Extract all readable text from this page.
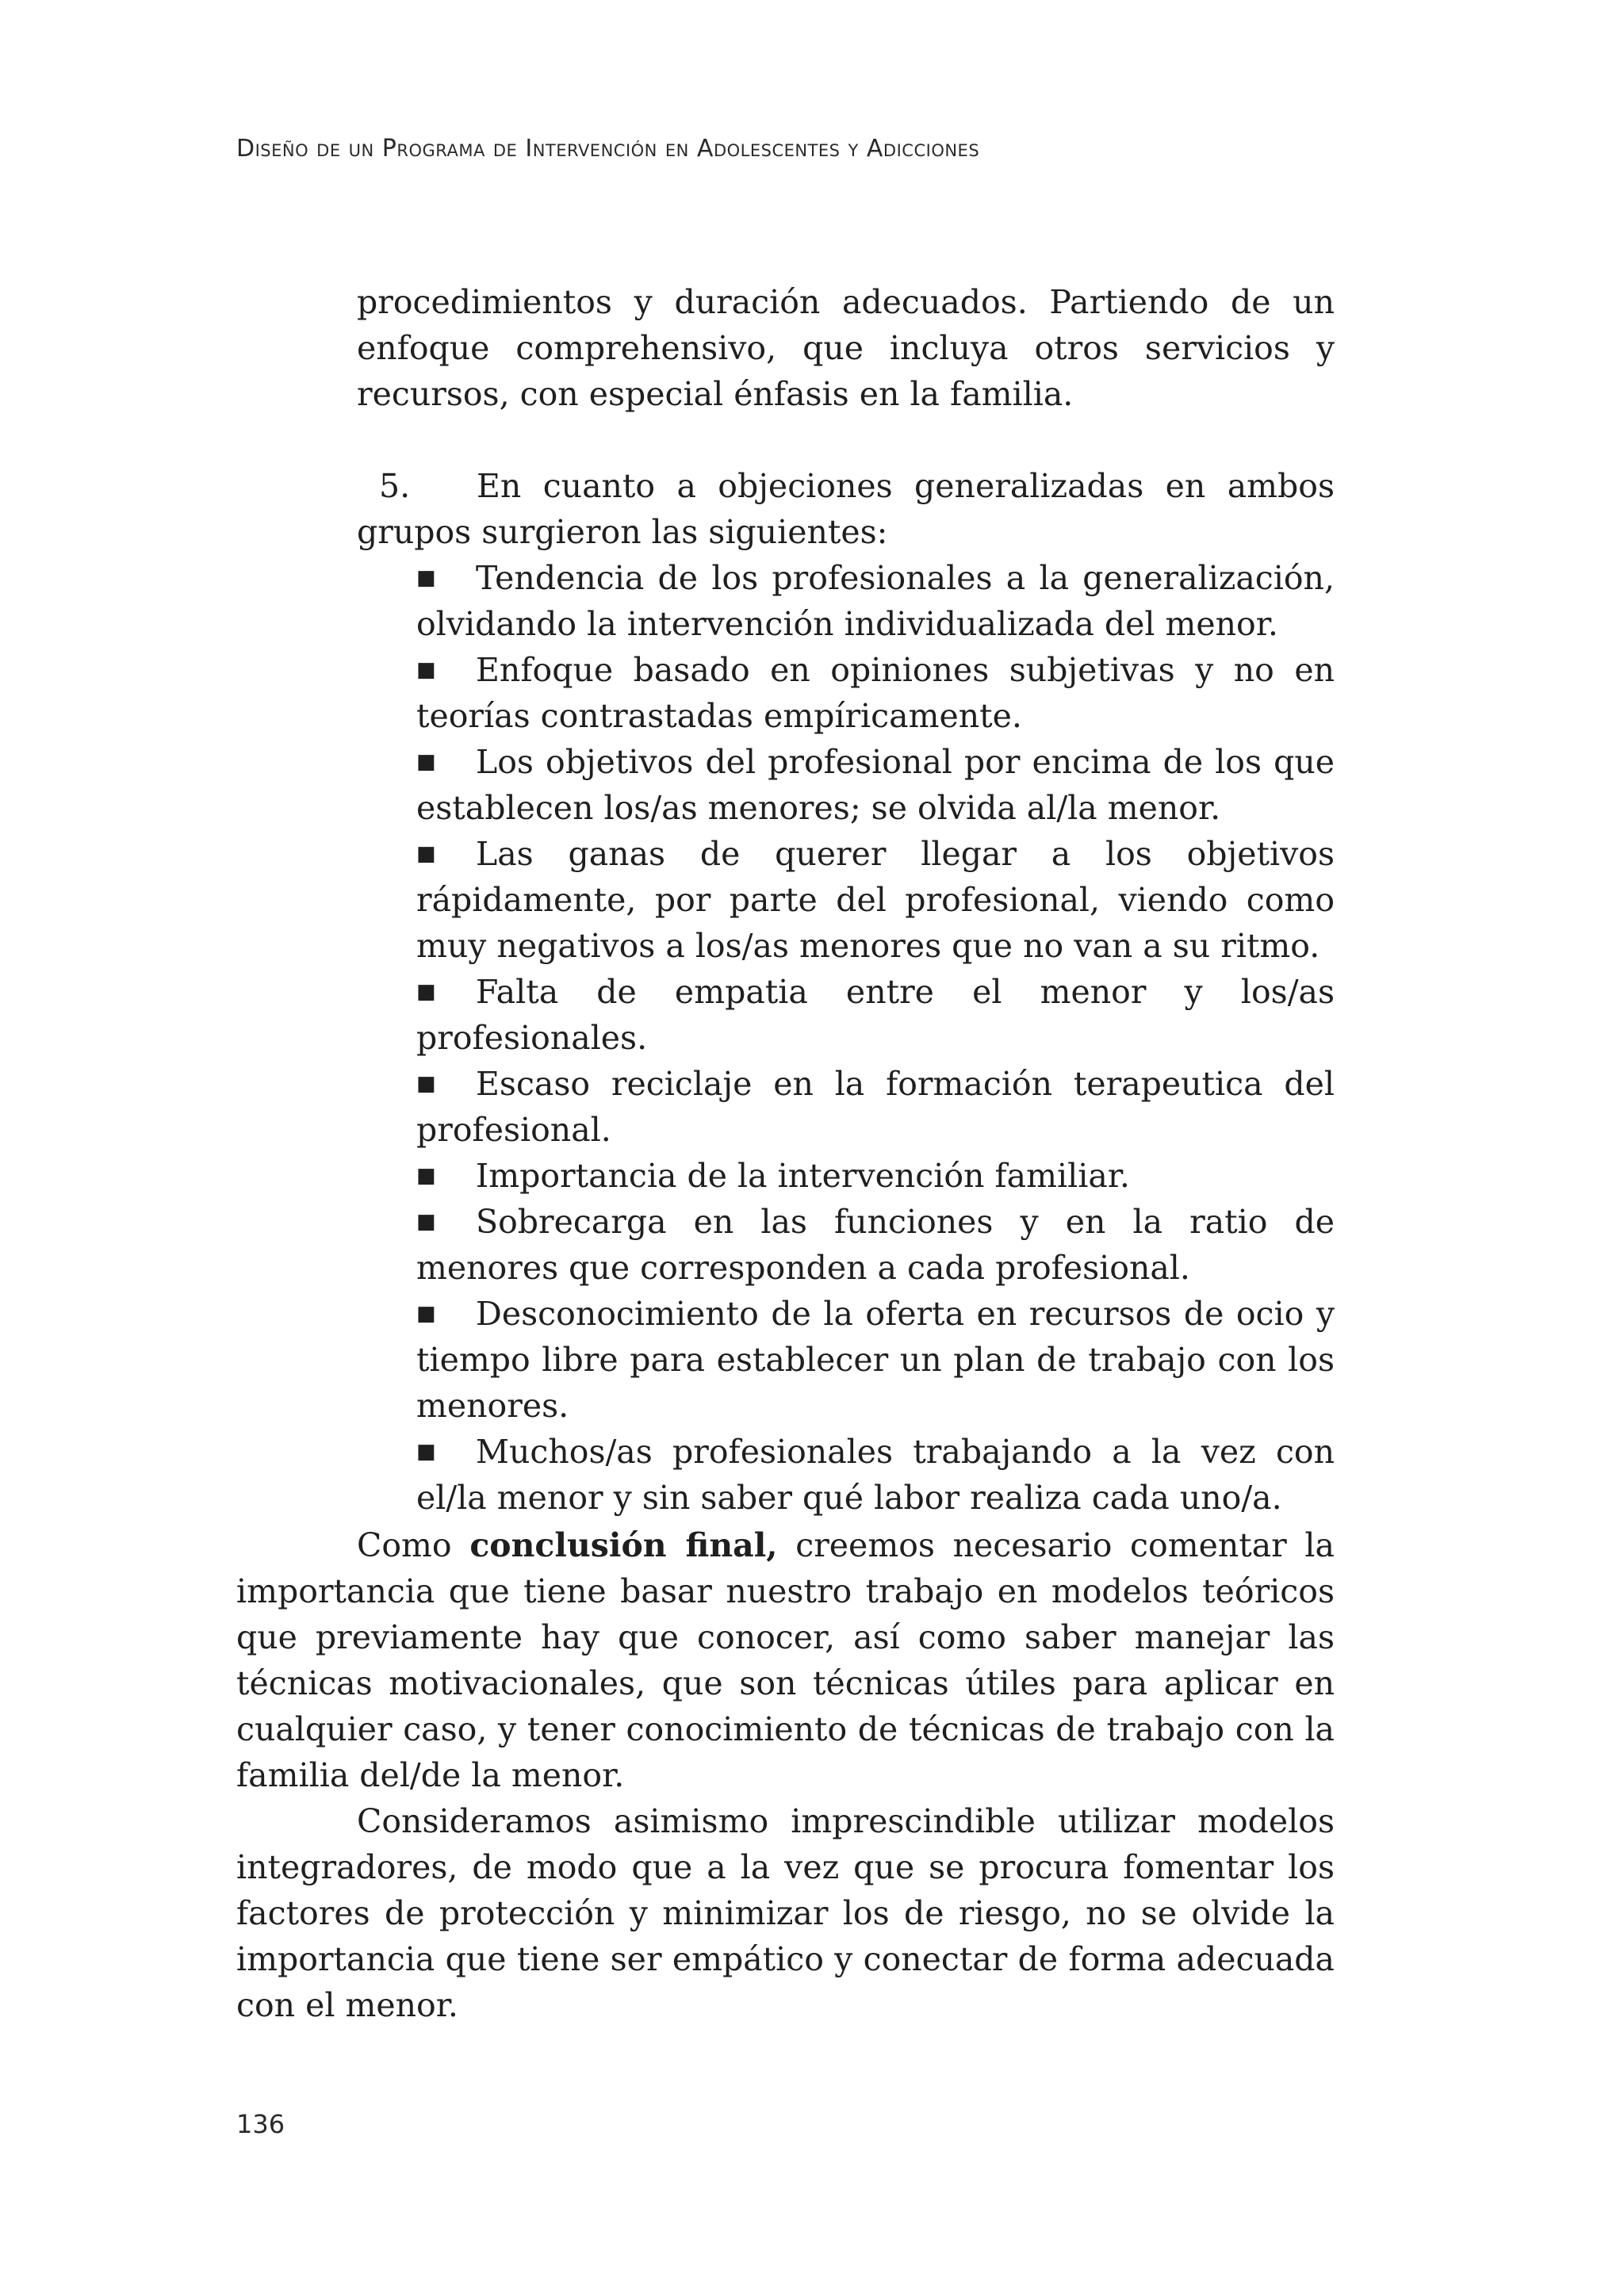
Diseño de un Programa de Intervención en Adolescentes y Adicciones

procedimientos y duración adecuados. Partiendo de un enfoque comprehensivo, que incluya otros servicios y recursos, con especial énfasis en la familia.

5. En cuanto a objeciones generalizadas en ambos grupos surgieron las siguientes:

■ Tendencia de los profesionales a la generalización, olvidando la intervención individualizada del menor.
■ Enfoque basado en opiniones subjetivas y no en teorías contrastadas empíricamente.
■ Los objetivos del profesional por encima de los que establecen los/as menores; se olvida al/la menor.
■ Las ganas de querer llegar a los objetivos rápidamente, por parte del profesional, viendo como muy negativos a los/as menores que no van a su ritmo.
■ Falta de empatia entre el menor y los/as profesionales.
■ Escaso reciclaje en la formación terapeutica del profesional.
■ Importancia de la intervención familiar.
■ Sobrecarga en las funciones y en la ratio de menores que corresponden a cada profesional.
■ Desconocimiento de la oferta en recursos de ocio y tiempo libre para establecer un plan de trabajo con los menores.
■ Muchos/as profesionales trabajando a la vez con el/la menor y sin saber qué labor realiza cada uno/a.

Como conclusión final, creemos necesario comentar la importancia que tiene basar nuestro trabajo en modelos teóricos que previamente hay que conocer, así como saber manejar las técnicas motivacionales, que son técnicas útiles para aplicar en cualquier caso, y tener conocimiento de técnicas de trabajo con la familia del/de la menor.

Consideramos asimismo imprescindible utilizar modelos integradores, de modo que a la vez que se procura fomentar los factores de protección y minimizar los de riesgo, no se olvide la importancia que tiene ser empático y conectar de forma adecuada con el menor.

136
